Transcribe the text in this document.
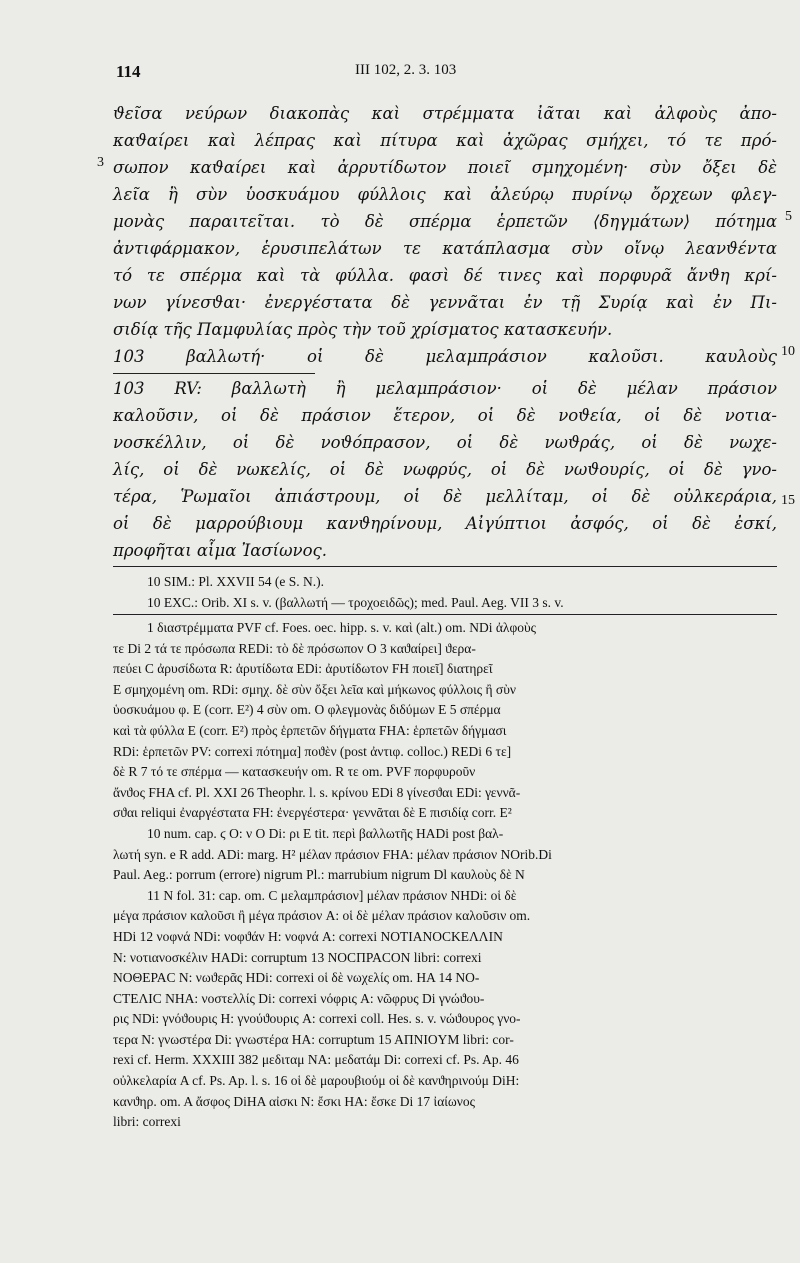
114	III 102, 2. 3. 103
ϑεῖσα νεύρων διακοπὰς καὶ στρέμματα ἰᾶται καὶ ἀλφοὺς ἀπο-
καϑαίρει καὶ λέπρας καὶ πίτυρα καὶ ἀχῶρας σμήχει, τό τε πρό-
σωπον καϑαίρει καὶ ἀρρυτίδωτον ποιεῖ σμηχομένη· σὺν ὄξει δὲ
λεῖα ἢ σὺν ὑοσκυάμου φύλλοις καὶ ἀλεύρῳ πυρίνῳ ὄρχεων φλεγ-
μονὰς παραιτεῖται. τὸ δὲ σπέρμα ἑρπετῶν ⟨δηγμάτων⟩ πότημα
ἀντιφάρμακον, ἑρυσιπελάτων τε κατάπλασμα σὺν οἴνῳ λεανϑέντα
τό τε σπέρμα καὶ τὰ φύλλα. φασὶ δέ τινες καὶ πορφυρᾶ ἄνϑη κρί-
νων γίνεσϑαι· ἐνεργέστατα δὲ γεννᾶται ἐν τῇ Συρίᾳ καὶ ἐν Πι-
σιδίᾳ τῆς Παμφυλίας πρὸς τὴν τοῦ χρίσματος κατασκευήν.
103 βαλλωτή· οἱ δὲ μελαμπράσιον καλοῦσι. καυλοὺς
3
5
10
103 RV: βαλλωτὴ ἢ μελαμπράσιον· οἱ δὲ μέλαν πράσιον
καλοῦσιν, οἱ δὲ πράσιον ἕτερον, οἱ δὲ νοϑεία, οἱ δὲ νοτια-
νοσκέλλιν, οἱ δὲ νοϑόπρασον, οἱ δὲ νωϑράς, οἱ δὲ νωχε-
λίς, οἱ δὲ νωκελίς, οἱ δὲ νωφρύς, οἱ δὲ νωϑουρίς, οἱ δὲ γνο-
τέρα, Ῥωμαῖοι ἀπιάστρουμ, οἱ δὲ μελλίταμ, οἱ δὲ οὐλκεράρια,
οἱ δὲ μαρρούβιουμ κανϑηρίνουμ, Αἰγύπτιοι ἀσφός, οἱ δὲ ἐσκί,
προφῆται αἷμα Ἰασίωνος.
15
10 SIM.: Pl. XXVII 54 (e S. N.).
10 EXC.: Orib. XI s. v. (βαλλωτή — τροχοειδῶς); med. Paul. Aeg. VII 3 s. v.
1 διαστρέμματα PVF cf. Foes. oec. hipp. s. v. καὶ (alt.) om. NDi ἀλφοὺς
τε Di 2 τά τε πρόσωπα REDi: τὸ δὲ πρόσωπον O 3 καϑαίρει] ϑερα-
πεύει C ἀρυσίδωτα R: ἀρυτίδωτα EDi: ἀρυτίδωτον FH ποιεῖ] διατηρεῖ
E σμηχομένη om. RDi: σμηχ. δὲ σὺν ὄξει λεῖα καὶ μήκωνος φύλλοις ἢ σὺν
ὑοσκυάμου φ. E (corr. E²) 4 σὺν om. O φλεγμονὰς διδύμων E 5 σπέρμα
καὶ τὰ φύλλα E (corr. E²) πρὸς ἑρπετῶν δήγματα FHA: ἑρπετῶν δήγμασι
RDi: ἑρπετῶν PV: correxi πότημα] ποϑὲν (post ἀντιφ. colloc.) REDi 6 τε]
δὲ R 7 τό τε σπέρμα — κατασκευήν om. R τε om. PVF πορφυροῦν
ἄνϑος FHA cf. Pl. XXI 26 Theophr. l. s. κρίνου EDi 8 γίνεσϑαι EDi: γεννᾶ-
σϑαι reliqui ἐναργέστατα FH: ἐνεργέστερα· γεννᾶται δὲ E πισιδίᾳ corr. E²
10 num. cap. ϛ O: ν O Di: ρι E tit. περὶ βαλλωτῆς HADi post βαλ-
λωτή syn. e R add. ADi: marg. H² μέλαν πράσιον FHA: μέλαν πράσιον NOrib.Di
Paul. Aeg.: porrum (errore) nigrum Pl.: marrubium nigrum Dl καυλοὺς δὲ N
11 N fol. 31: cap. om. C μελαμπράσιον] μέλαν πράσιον NHDi: οἱ δὲ
μέγα πράσιον καλοῦσι ἢ μέγα πράσιον A: οἱ δὲ μέλαν πράσιον καλοῦσιν om.
HDi 12 νοφνά NDi: νοφϑάν H: νοφνά A: correxi NOTIANOCKEΛΛIN
N: νοτιανοσκέλιν HADi: corruptum 13 NOCΠPACON libri: correxi
NOΘEPAC N: νωϑερᾶς HDi: correxi οἱ δὲ νωχελίς om. HA 14 NO-
CTEΛIC NHA: νοστελλίς Di: correxi νόφρις A: νῶφρυς Di γνώϑου-
ρις NDi: γνόϑουρις H: γνούϑουρις A: correxi coll. Hes. s. v. νώϑουρος γνο-
τερα N: γνωστέρα Di: γνωστέρα HA: corruptum 15 AΠNIOYM libri: cor-
rexi cf. Herm. XXXIII 382 μεδιταμ NA: μεδατάμ Di: correxi cf. Ps. Ap. 46
οὐλκελαρία A cf. Ps. Ap. l. s. 16 οἱ δὲ μαρουβιούμ οἱ δὲ κανϑηρινούμ DiH:
κανϑηρ. om. A ἄσφος DiHA αἰσκι N: ἔσκι HA: ἔσκε Di 17 ἰαίωνος
libri: correxi
